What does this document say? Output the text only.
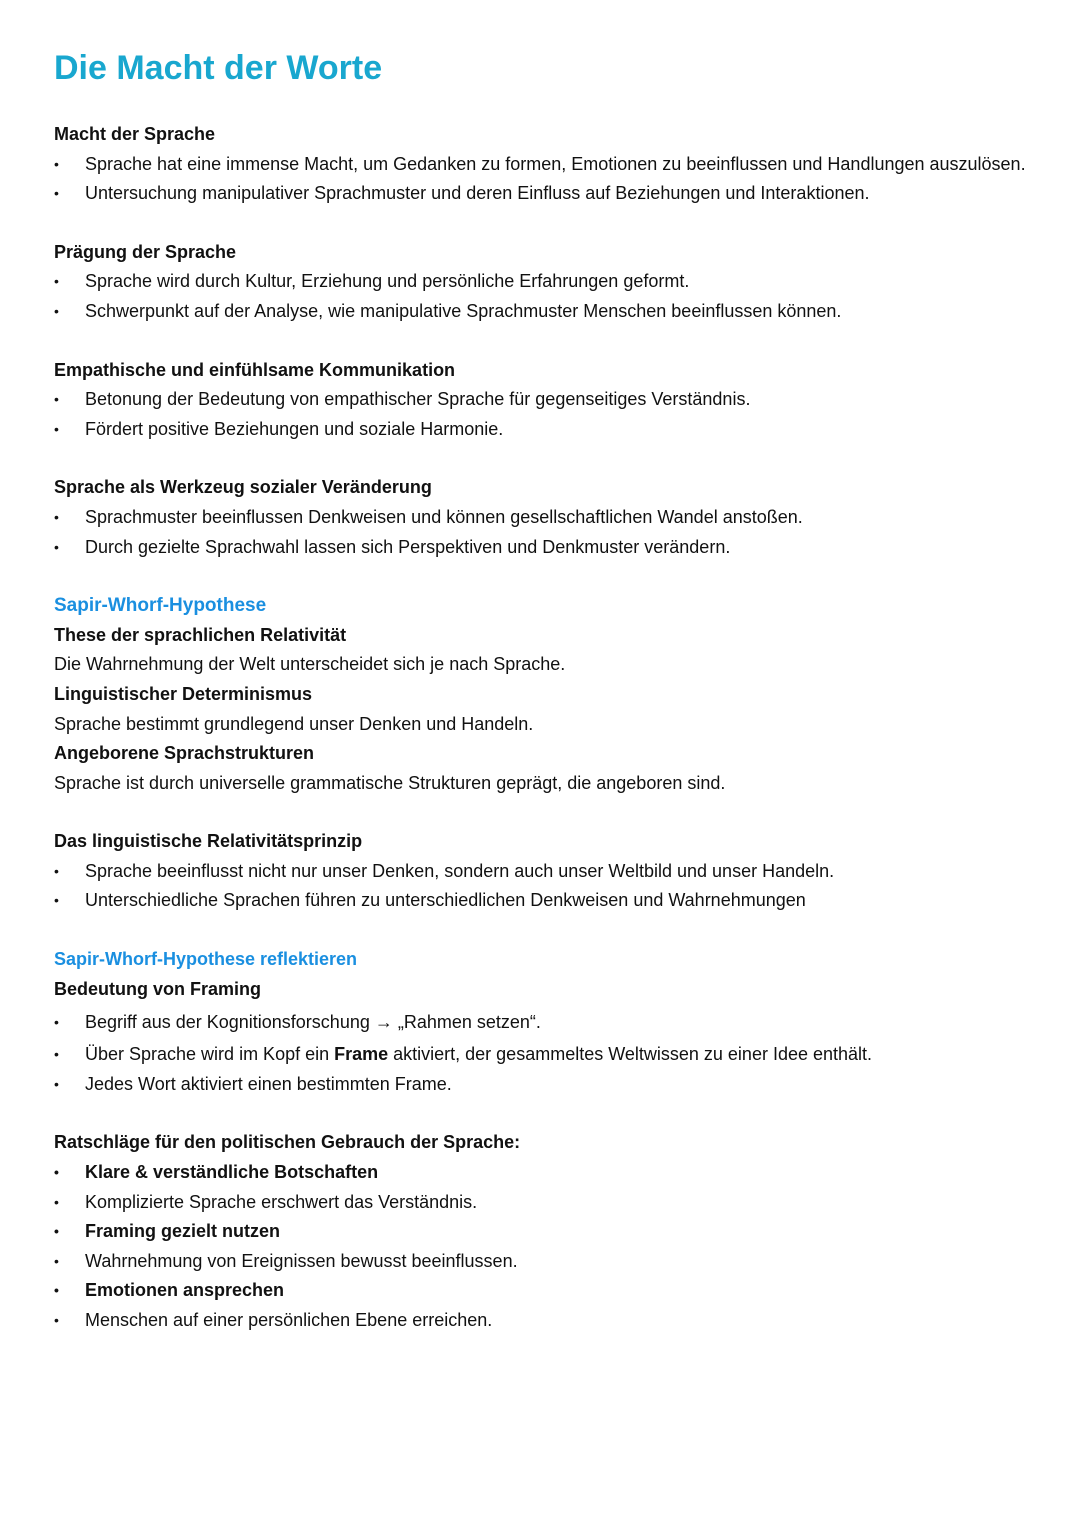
Die Macht der Worte
Macht der Sprache
• Sprache hat eine immense Macht, um Gedanken zu formen, Emotionen zu beeinflussen und Handlungen auszulösen.
• Untersuchung manipulativer Sprachmuster und deren Einfluss auf Beziehungen und Interaktionen.
Prägung der Sprache
• Sprache wird durch Kultur, Erziehung und persönliche Erfahrungen geformt.
• Schwerpunkt auf der Analyse, wie manipulative Sprachmuster Menschen beeinflussen können.
Empathische und einfühlsame Kommunikation
• Betonung der Bedeutung von empathischer Sprache für gegenseitiges Verständnis.
• Fördert positive Beziehungen und soziale Harmonie.
Sprache als Werkzeug sozialer Veränderung
• Sprachmuster beeinflussen Denkweisen und können gesellschaftlichen Wandel anstoßen.
• Durch gezielte Sprachwahl lassen sich Perspektiven und Denkmuster verändern.
Sapir-Whorf-Hypothese
These der sprachlichen Relativität

Die Wahrnehmung der Welt unterscheidet sich je nach Sprache.

Linguistischer Determinismus

Sprache bestimmt grundlegend unser Denken und Handeln.

Angeborene Sprachstrukturen

Sprache ist durch universelle grammatische Strukturen geprägt, die angeboren sind.

Das linguistische Relativitätsprinzip
• Sprache beeinflusst nicht nur unser Denken, sondern auch unser Weltbild und unser Handeln.
• Unterschiedliche Sprachen führen zu unterschiedlichen Denkweisen und Wahrnehmungen
Sapir-Whorf-Hypothese reflektieren
Bedeutung von Framing
• Begriff aus der Kognitionsforschung → „Rahmen setzen“.
• Über Sprache wird im Kopf ein Frame aktiviert, der gesammeltes Weltwissen zu einer Idee enthält.
• Jedes Wort aktiviert einen bestimmten Frame.
Ratschläge für den politischen Gebrauch der Sprache:
• Klare & verständliche Botschaften
• Komplizierte Sprache erschwert das Verständnis.
• Framing gezielt nutzen
• Wahrnehmung von Ereignissen bewusst beeinflussen.
• Emotionen ansprechen
• Menschen auf einer persönlichen Ebene erreichen.
